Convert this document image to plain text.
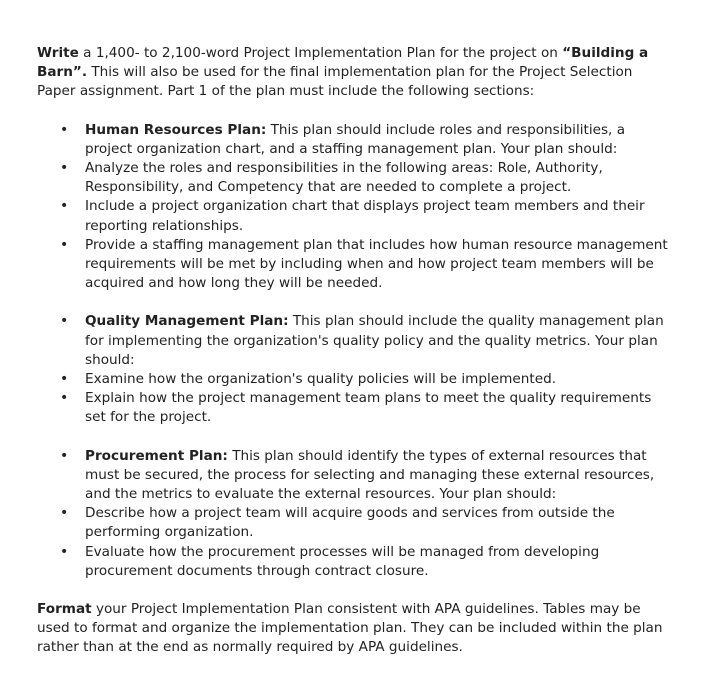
Write a 1,400- to 2,100-word Project Implementation Plan for the project on “Building a Barn”. This will also be used for the final implementation plan for the Project Selection Paper assignment. Part 1 of the plan must include the following sections:

• Human Resources Plan: This plan should include roles and responsibilities, a project organization chart, and a staffing management plan. Your plan should:
• Analyze the roles and responsibilities in the following areas: Role, Authority, Responsibility, and Competency that are needed to complete a project.
• Include a project organization chart that displays project team members and their reporting relationships.
• Provide a staffing management plan that includes how human resource management requirements will be met by including when and how project team members will be acquired and how long they will be needed.
• Quality Management Plan: This plan should include the quality management plan for implementing the organization's quality policy and the quality metrics. Your plan should:
• Examine how the organization's quality policies will be implemented.
• Explain how the project management team plans to meet the quality requirements set for the project.
• Procurement Plan: This plan should identify the types of external resources that must be secured, the process for selecting and managing these external resources, and the metrics to evaluate the external resources. Your plan should:
• Describe how a project team will acquire goods and services from outside the performing organization.
• Evaluate how the procurement processes will be managed from developing procurement documents through contract closure.

Format your Project Implementation Plan consistent with APA guidelines. Tables may be used to format and organize the implementation plan. They can be included within the plan rather than at the end as normally required by APA guidelines.
